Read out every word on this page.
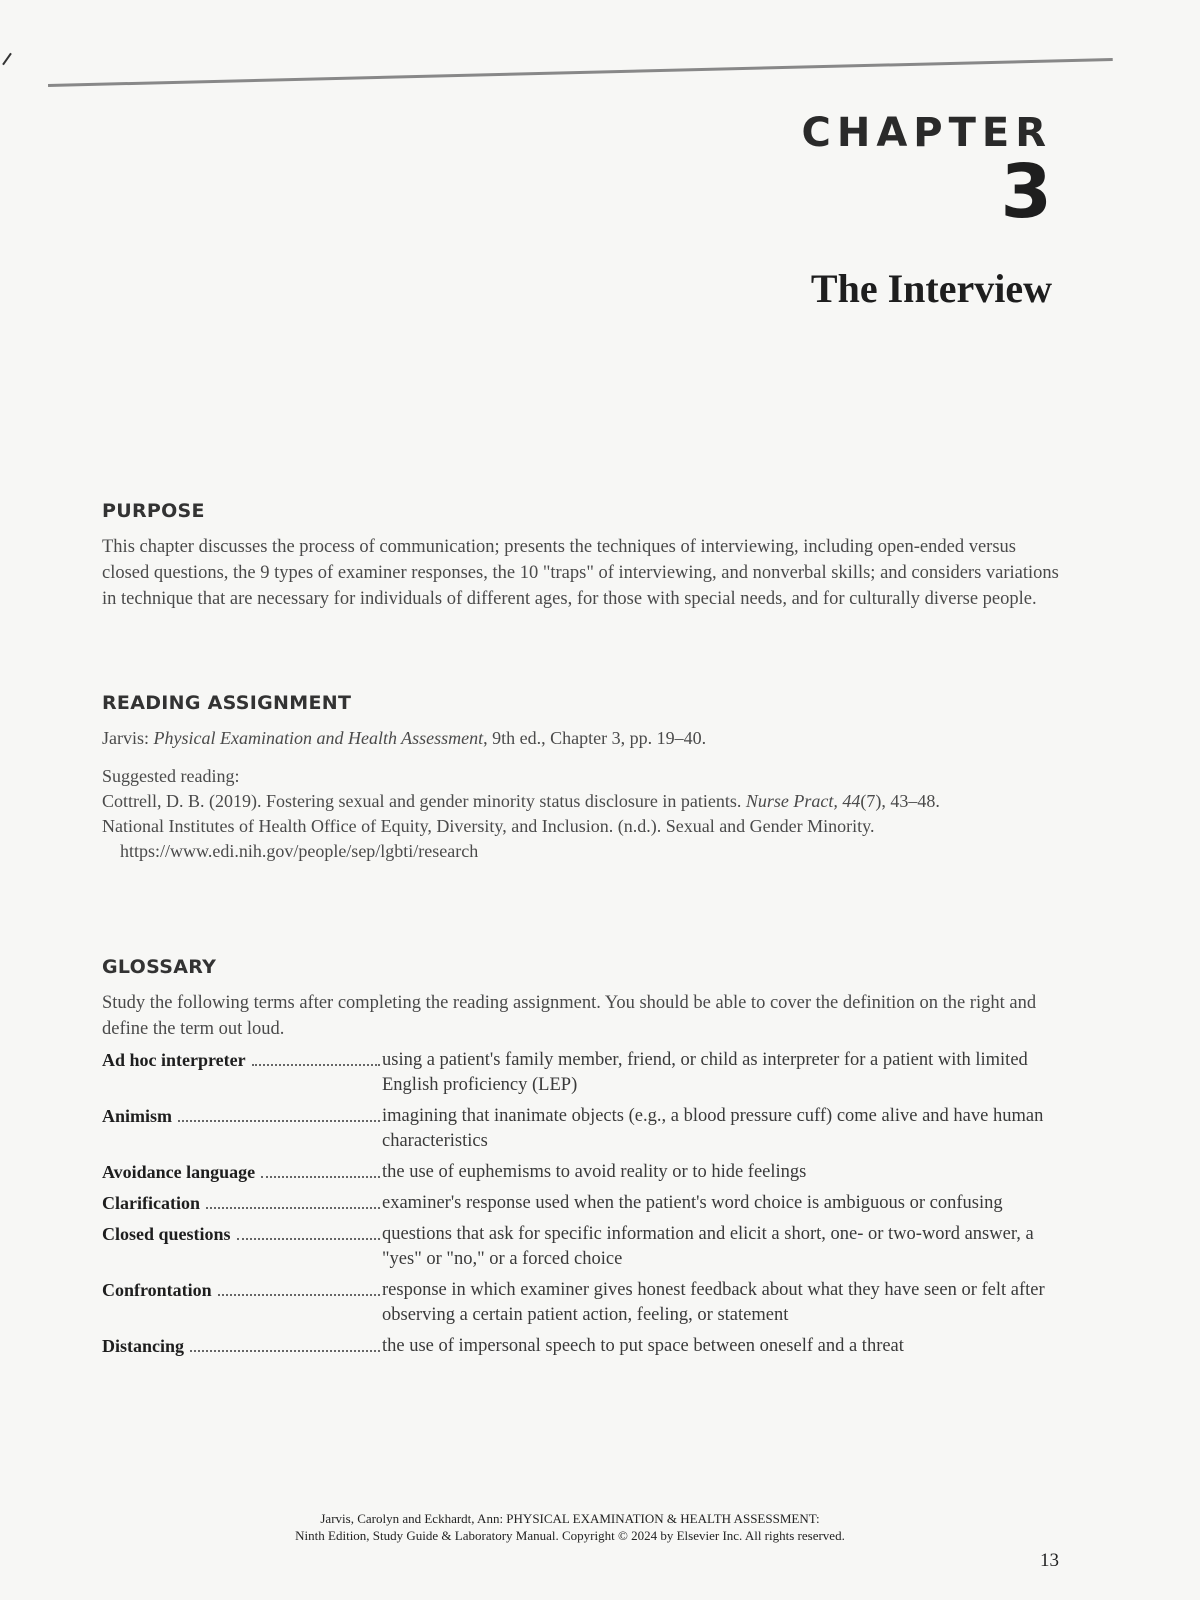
CHAPTER
3
The Interview
PURPOSE

This chapter discusses the process of communication; presents the techniques of interviewing, including open-ended versus closed questions, the 9 types of examiner responses, the 10 "traps" of interviewing, and nonverbal skills; and considers variations in technique that are necessary for individuals of different ages, for those with special needs, and for culturally diverse people.

READING ASSIGNMENT

Jarvis: Physical Examination and Health Assessment, 9th ed., Chapter 3, pp. 19–40.

Suggested reading:

Cottrell, D. B. (2019). Fostering sexual and gender minority status disclosure in patients. Nurse Pract, 44(7), 43–48.

National Institutes of Health Office of Equity, Diversity, and Inclusion. (n.d.). Sexual and Gender Minority. https://www.edi.nih.gov/people/sep/lgbti/research

GLOSSARY

Study the following terms after completing the reading assignment. You should be able to cover the definition on the right and define the term out loud.

Ad hoc interpreter	using a patient's family member, friend, or child as interpreter for a patient with limited English proficiency (LEP)
Animism	imagining that inanimate objects (e.g., a blood pressure cuff) come alive and have human characteristics
Avoidance language	the use of euphemisms to avoid reality or to hide feelings
Clarification	examiner's response used when the patient's word choice is ambiguous or confusing
Closed questions	questions that ask for specific information and elicit a short, one- or two-word answer, a "yes" or "no," or a forced choice
Confrontation	response in which examiner gives honest feedback about what they have seen or felt after observing a certain patient action, feeling, or statement
Distancing	the use of impersonal speech to put space between oneself and a threat
Jarvis, Carolyn and Eckhardt, Ann: PHYSICAL EXAMINATION & HEALTH ASSESSMENT:
Ninth Edition, Study Guide & Laboratory Manual. Copyright © 2024 by Elsevier Inc. All rights reserved.
13
